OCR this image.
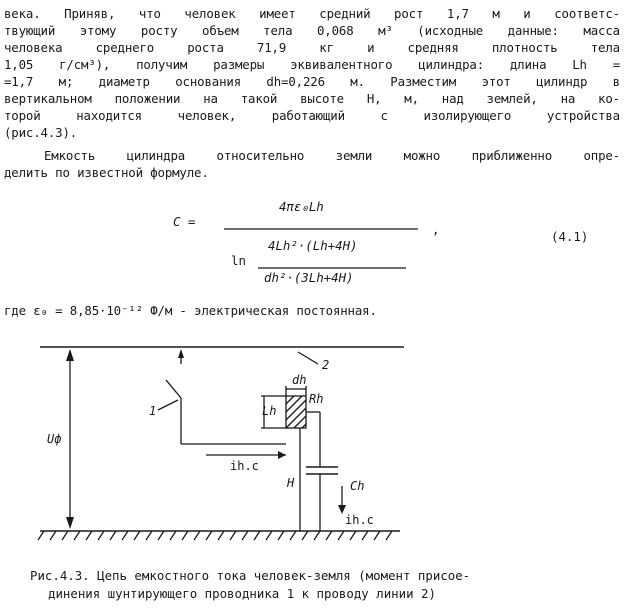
века. Приняв, что человек имеет средний рост 1,7 м и соответс-
твующий этому росту объем тела 0,068 м³ (исходные данные: масса
человека среднего роста 71,9 кг и средняя плотность тела
1,05 г/см³), получим размеры эквивалентного цилиндра: длина Lh =
=1,7 м; диаметр основания dh=0,226 м. Разместим этот цилиндр в
вертикальном положении на такой высоте H, м, над землей, на ко-
торой находится человек, работающий с изолирующего устройства
(рис.4.3).
Емкость цилиндра относительно земли можно приближенно опре-
делить по известной формуле.
C =
4πε₀Lh
ln
4Lh²·(Lh+4H)
dh²·(3Lh+4H)
,	(4.1)
где ε₀ = 8,85·10⁻¹² Ф/м - электрическая постоянная.
1
2
Uф
dh
Lh
Rh
ih.c
H	Ch
ih.c
Рис.4.3. Цепь емкостного тока человек-земля (момент присое-
динения шунтирующего проводника 1 к проводу линии 2)
